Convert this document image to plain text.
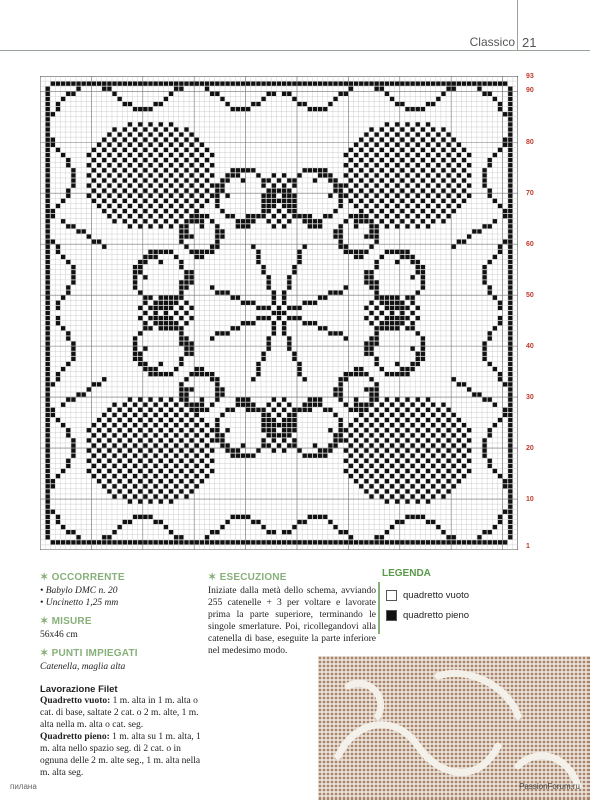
Classico 21
93
90
80
70
60
50
40
30
20
10
1
✶ OCCORRENTE
• Babylo DMC n. 20
• Uncinetto 1,25 mm
✶ MISURE
56x46 cm
✶ PUNTI IMPIEGATI
Catenella, maglia alta
Lavorazione Filet
Quadretto vuoto: 1 m. alta in 1 m. alta o cat. di base, saltate 2 cat. o 2 m. alte, 1 m. alta nella m. alta o cat. seg.
Quadretto pieno: 1 m. alta su 1 m. alta, 1 m. alta nello spazio seg. di 2 cat. o in ognuna delle 2 m. alte seg., 1 m. alta nella m. alta seg.
✶ ESECUZIONE
Iniziate dalla metà dello schema, avviando 255 catenelle + 3 per voltare e lavorate prima la parte superiore, terminando le singole smerlature. Poi, ricollegandovi alla catenella di base, eseguite la parte inferiore nel medesimo modo.
LEGENDA
quadretto vuoto
quadretto pieno
пилана	PassionForum.ru
